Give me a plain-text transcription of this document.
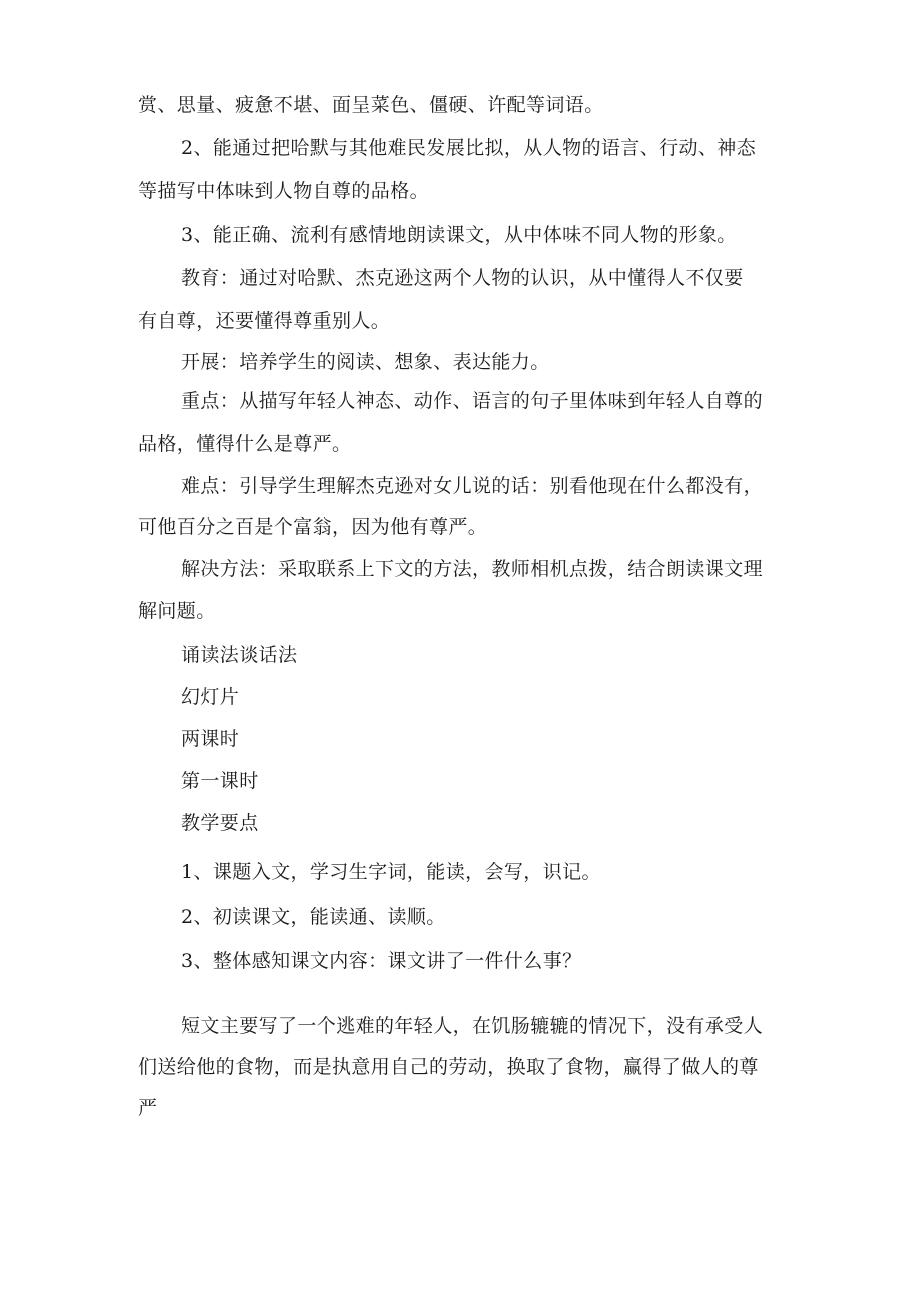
赏、思量、疲惫不堪、面呈菜色、僵硬、许配等词语。
2、能通过把哈默与其他难民发展比拟，从人物的语言、行动、神态
等描写中体味到人物自尊的品格。
3、能正确、流利有感情地朗读课文，从中体味不同人物的形象。
教育：通过对哈默、杰克逊这两个人物的认识，从中懂得人不仅要
有自尊，还要懂得尊重别人。
开展：培养学生的阅读、想象、表达能力。
重点：从描写年轻人神态、动作、语言的句子里体味到年轻人自尊的
品格，懂得什么是尊严。
难点：引导学生理解杰克逊对女儿说的话：别看他现在什么都没有，
可他百分之百是个富翁，因为他有尊严。
解决方法：采取联系上下文的方法，教师相机点拨，结合朗读课文理
解问题。
诵读法谈话法
幻灯片
两课时
第一课时
教学要点
1、课题入文，学习生字词，能读，会写，识记。
2、初读课文，能读通、读顺。
3、整体感知课文内容：课文讲了一件什么事？
短文主要写了一个逃难的年轻人，在饥肠辘辘的情况下，没有承受人
们送给他的食物，而是执意用自己的劳动，换取了食物，赢得了做人的尊
严
